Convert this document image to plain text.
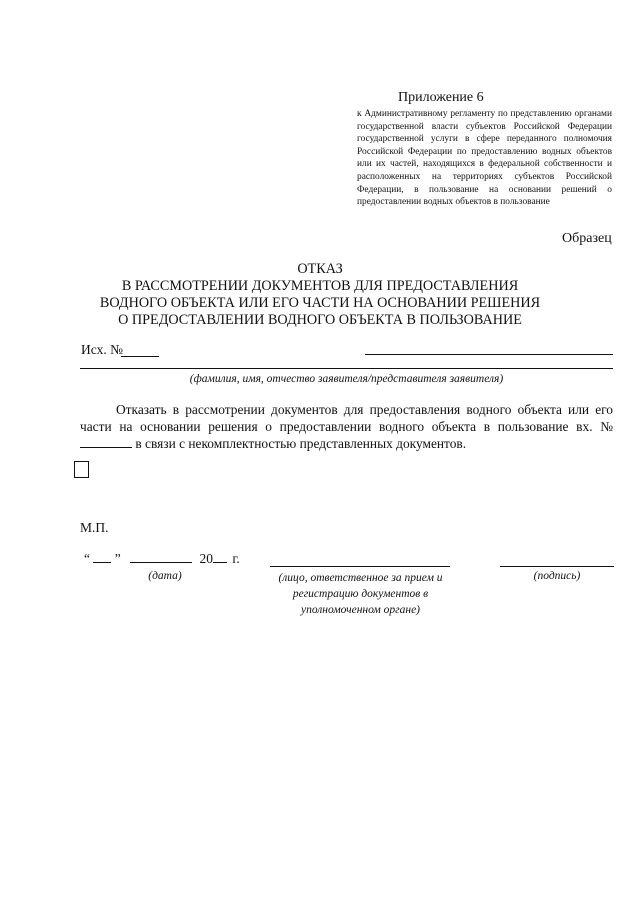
Приложение 6
к Административному регламенту по представлению органами государственной власти субъектов Российской Федерации государственной услуги в сфере переданного полномочия Российской Федерации по предоставлению водных объектов или их частей, находящихся в федеральной собственности и расположенных на территориях субъектов Российской Федерации, в пользование на основании решений о предоставлении водных объектов в пользование
Образец
ОТКАЗ
В РАССМОТРЕНИИ ДОКУМЕНТОВ ДЛЯ ПРЕДОСТАВЛЕНИЯ
ВОДНОГО ОБЪЕКТА ИЛИ ЕГО ЧАСТИ НА ОСНОВАНИИ РЕШЕНИЯ
О ПРЕДОСТАВЛЕНИИ ВОДНОГО ОБЪЕКТА В ПОЛЬЗОВАНИЕ
Исх. №
(фамилия, имя, отчество заявителя/представителя заявителя)
Отказать в рассмотрении документов для предоставления водного объекта или его части на основании решения о предоставлении водного объекта в пользование вх. №  в связи с некомплектностью представленных документов.
М.П.
“ ”	20 г.
(дата)	(лицо, ответственное за прием и регистрацию документов в уполномоченном органе)
(подпись)
